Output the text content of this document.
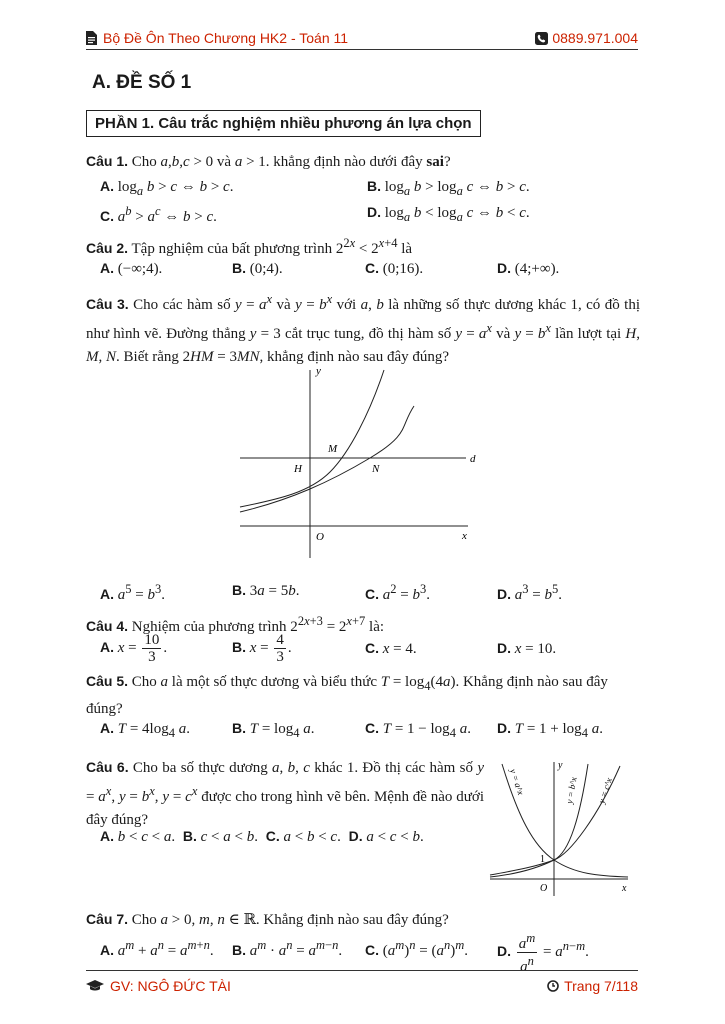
Bộ Đề Ôn Theo Chương HK2 - Toán 11	0889.971.004
A. ĐỀ SỐ 1
PHẦN 1. Câu trắc nghiệm nhiều phương án lựa chọn
Câu 1. Cho a,b,c > 0 và a > 1. khẳng định nào dưới đây sai?
A. $\log_a b > c$ ⇔ b > c.	B. $\log_a b > \log_a c$ ⇔ b > c.
C. $a^b > a^c$ ⇔ b > c.	D. $\log_a b < \log_a c$ ⇔ b < c.
Câu 2. Tập nghiệm của bất phương trình $2^{2x} < 2^{x+4}$ là
A. (−∞;4).	B. (0;4).	C. (0;16).	D. (4;+∞).
Câu 3. Cho các hàm số $y = a^x$ và $y = b^x$ với a, b là những số thực dương khác 1, có đồ thị như hình vẽ. Đường thẳng y = 3 cắt trục tung, đồ thị hàm số $y = a^x$ và $y = b^x$ lần lượt tại H, M, N. Biết rằng 2HM = 3MN, khẳng định nào sau đây đúng?
y
x
O
M
H	N
d
A. $a^5 = b^3$.	B. 3a = 5b.	C. $a^2 = b^3$.	D. $a^3 = b^5$.
Câu 4. Nghiệm của phương trình $2^{2x+3} = 2^{x+7}$ là:
A. $x = \frac{10}{3}$ .	B. $x = \frac{4}{3}$ .	C. x = 4.	D. x = 10.
Câu 5. Cho a là một số thực dương và biểu thức $T = \log_4(4a)$. Khẳng định nào sau đây đúng?
A. $T = 4\log_4$ a.	B. $T = \log_4 a$.	C. $T = 1 - \log_4 a$. D. $T = 1 + \log_4 a$.
Câu 6. Cho ba số thực dương a, b, c khác 1. Đồ thị các hàm số $y = a^x$, $y = b^x$, $y = c^x$ được cho trong hình vẽ bên. Mệnh đề nào dưới đây đúng?
A. b < c < a. B. c < a < b. C. a < b < c. D. a < c < b.
y
x
O
1
y = a^x	y = b^x y = c^x
Câu 7. Cho a > 0, m, n ∈ ℝ. Khẳng định nào sau đây đúng?
A. $a^m + a^n = a^{m+n}$. B. $a^m \cdot a^n = a^{m-n}$. C. $(a^m)^n = (a^n)^m$. D. $\frac{a^m}{a^n} = a^{n-m}$.
GV: NGÔ ĐỨC TÀI	Trang 7/118
